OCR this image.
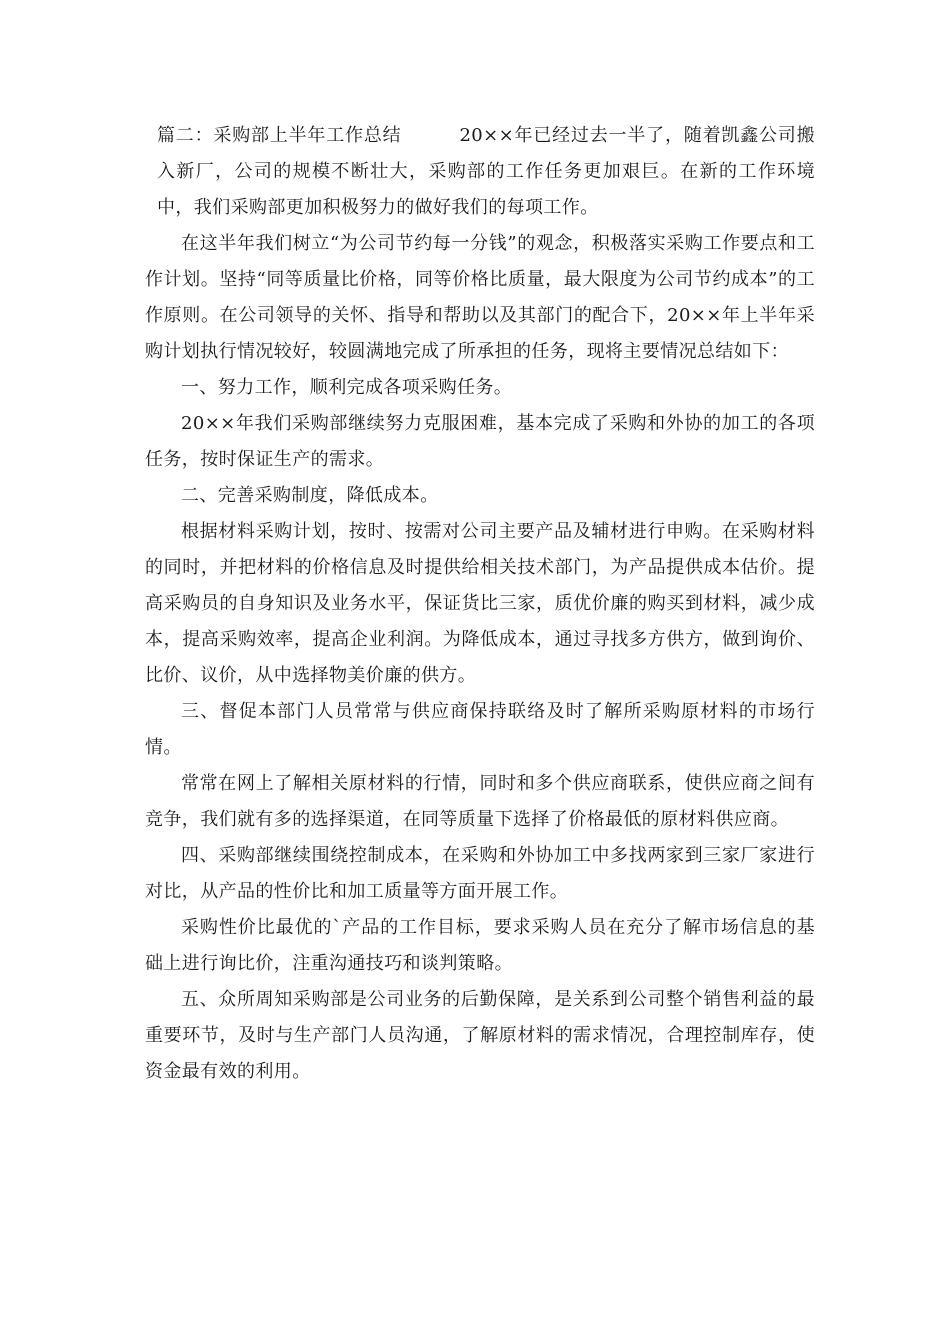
篇二：采购部上半年工作总结	20××年已经过去一半了，随着凯鑫公司搬入新厂，公司的规模不断壮大，采购部的工作任务更加艰巨。在新的工作环境中，我们采购部更加积极努力的做好我们的每项工作。

在这半年我们树立“为公司节约每一分钱”的观念，积极落实采购工作要点和工作计划。坚持“同等质量比价格，同等价格比质量，最大限度为公司节约成本”的工作原则。在公司领导的关怀、指导和帮助以及其部门的配合下，20××年上半年采购计划执行情况较好，较圆满地完成了所承担的任务，现将主要情况总结如下：

一、努力工作，顺利完成各项采购任务。

20××年我们采购部继续努力克服困难，基本完成了采购和外协的加工的各项任务，按时保证生产的需求。

二、完善采购制度，降低成本。

根据材料采购计划，按时、按需对公司主要产品及辅材进行申购。在采购材料的同时，并把材料的价格信息及时提供给相关技术部门，为产品提供成本估价。提高采购员的自身知识及业务水平，保证货比三家，质优价廉的购买到材料，减少成本，提高采购效率，提高企业利润。为降低成本，通过寻找多方供方，做到询价、比价、议价，从中选择物美价廉的供方。

三、督促本部门人员常常与供应商保持联络及时了解所采购原材料的市场行情。

常常在网上了解相关原材料的行情，同时和多个供应商联系，使供应商之间有竞争，我们就有多的选择渠道，在同等质量下选择了价格最低的原材料供应商。

四、采购部继续围绕控制成本，在采购和外协加工中多找两家到三家厂家进行对比，从产品的性价比和加工质量等方面开展工作。

采购性价比最优的`产品的工作目标，要求采购人员在充分了解市场信息的基础上进行询比价，注重沟通技巧和谈判策略。

五、众所周知采购部是公司业务的后勤保障，是关系到公司整个销售利益的最重要环节，及时与生产部门人员沟通，了解原材料的需求情况，合理控制库存，使资金最有效的利用。
